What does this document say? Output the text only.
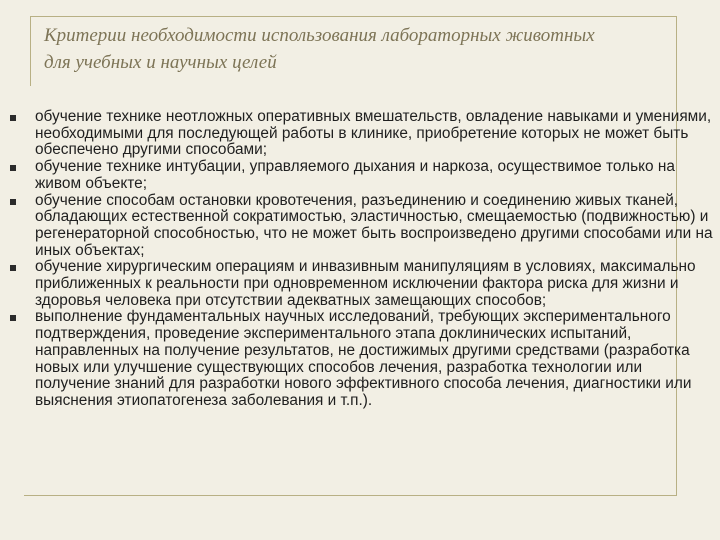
Критерии необходимости использования лабораторных животных
для учебных и научных целей
обучение технике неотложных оперативных вмешательств, овладение навыками и умениями, необходимыми для последующей работы в клинике, приобретение которых не может быть обеспечено другими способами;
обучение технике интубации, управляемого дыхания и наркоза, осуществимое только на живом объекте;
обучение способам остановки кровотечения, разъединению и соединению живых тканей, обладающих естественной сократимостью, эластичностью, смещаемостью (подвижностью) и регенераторной способностью, что не может быть воспроизведено другими способами или на иных объектах;
обучение хирургическим операциям и инвазивным манипуляциям в условиях, максимально приближенных к реальности при одновременном исключении фактора риска для жизни и здоровья человека при отсутствии адекватных замещающих способов;
выполнение фундаментальных научных исследований, требующих экспериментального подтверждения, проведение экспериментального этапа доклинических испытаний, направленных на получение результатов, не достижимых другими средствами (разработка новых или улучшение существующих способов лечения, разработка технологии или получение знаний для разработки нового эффективного способа лечения, диагностики или выяснения этиопатогенеза заболевания и т.п.).
